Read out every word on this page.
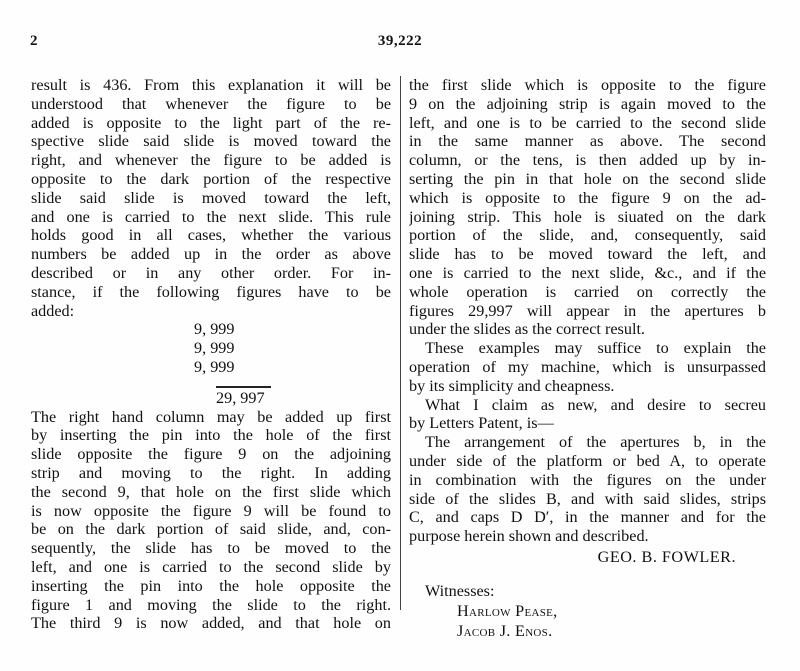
2	39,222
result is 436. From this explanation it will be
understood that whenever the figure to be
added is opposite to the light part of the re-
spective slide said slide is moved toward the
right, and whenever the figure to be added is
opposite to the dark portion of the respective
slide said slide is moved toward the left,
and one is carried to the next slide. This rule
holds good in all cases, whether the various
numbers be added up in the order as above
described or in any other order. For in-
stance, if the following figures have to be
added:
9, 999
9, 999
9, 999
29, 997
The right hand column may be added up first
by inserting the pin into the hole of the first
slide opposite the figure 9 on the adjoining
strip and moving to the right. In adding
the second 9, that hole on the first slide which
is now opposite the figure 9 will be found to
be on the dark portion of said slide, and, con-
sequently, the slide has to be moved to the
left, and one is carried to the second slide by
inserting the pin into the hole opposite the
figure 1 and moving the slide to the right.
The third 9 is now added, and that hole on
the first slide which is opposite to the figure
9 on the adjoining strip is again moved to the
left, and one is to be carried to the second slide
in the same manner as above. The second
column, or the tens, is then added up by in-
serting the pin in that hole on the second slide
which is opposite to the figure 9 on the ad-
joining strip. This hole is siuated on the dark
portion of the slide, and, consequently, said
slide has to be moved toward the left, and
one is carried to the next slide, &c., and if the
whole operation is carried on correctly the
figures 29,997 will appear in the apertures b
under the slides as the correct result.
These examples may suffice to explain the
operation of my machine, which is unsurpassed
by its simplicity and cheapness.
What I claim as new, and desire to secreu
by Letters Patent, is—
The arrangement of the apertures b, in the
under side of the platform or bed A, to operate
in combination with the figures on the under
side of the slides B, and with said slides, strips
C, and caps D D′, in the manner and for the
purpose herein shown and described.
GEO. B. FOWLER.
Witnesses:
Harlow Pease,
Jacob J. Enos.
